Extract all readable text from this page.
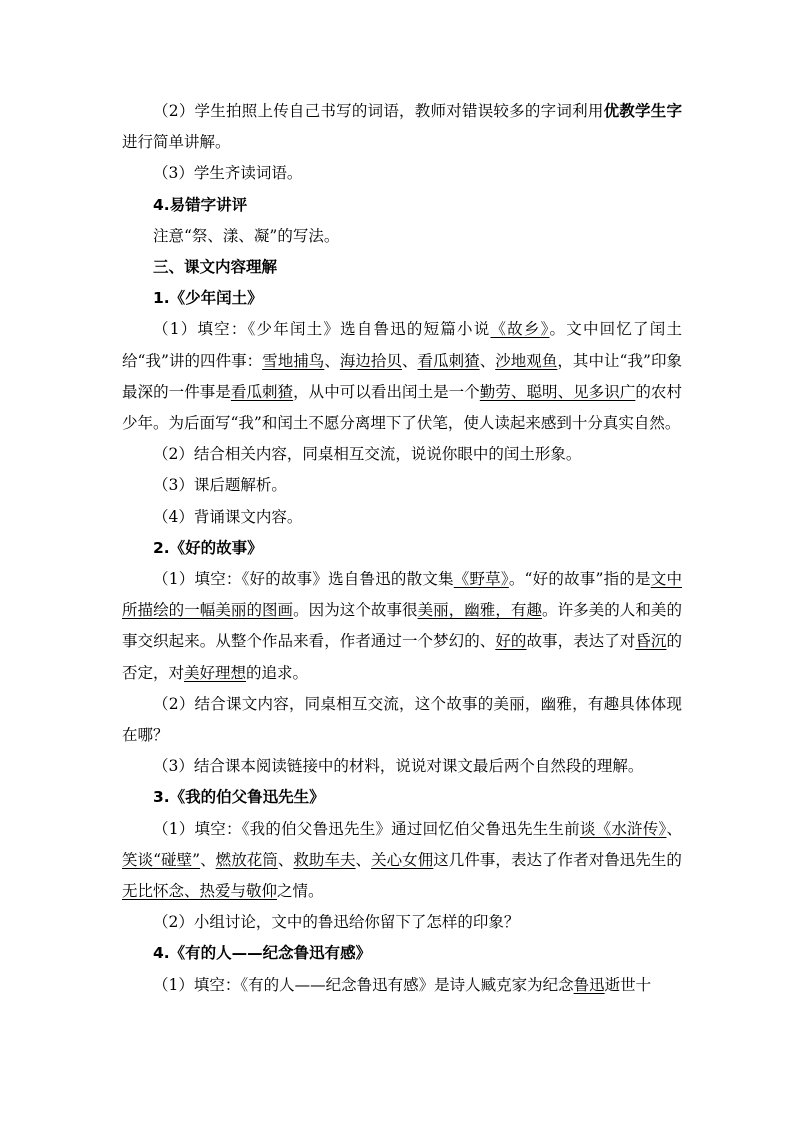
（2）学生拍照上传自己书写的词语，教师对错误较多的字词利用优教学生字进行简单讲解。

（3）学生齐读词语。

4.易错字讲评

注意“祭、漾、凝”的写法。

三、课文内容理解

1.《少年闰土》

（1）填空：《少年闰土》选自鲁迅的短篇小说《故乡》。文中回忆了闰土给“我”讲的四件事：雪地捕鸟、海边拾贝、看瓜刺猹、沙地观鱼，其中让“我”印象最深的一件事是看瓜刺猹，从中可以看出闰土是一个勤劳、聪明、见多识广的农村少年。为后面写“我”和闰土不愿分离埋下了伏笔，使人读起来感到十分真实自然。

（2）结合相关内容，同桌相互交流，说说你眼中的闰土形象。

（3）课后题解析。

（4）背诵课文内容。

2.《好的故事》

（1）填空：《好的故事》选自鲁迅的散文集《野草》。“好的故事”指的是文中所描绘的一幅美丽的图画。因为这个故事很美丽，幽雅，有趣。许多美的人和美的事交织起来。从整个作品来看，作者通过一个梦幻的、好的故事，表达了对昏沉的否定，对美好理想的追求。

（2）结合课文内容，同桌相互交流，这个故事的美丽，幽雅，有趣具体体现在哪？

（3）结合课本阅读链接中的材料，说说对课文最后两个自然段的理解。

3.《我的伯父鲁迅先生》

（1）填空：《我的伯父鲁迅先生》通过回忆伯父鲁迅先生生前谈《水浒传》、笑谈“碰壁”、燃放花筒、救助车夫、关心女佣这几件事，表达了作者对鲁迅先生的无比怀念、热爱与敬仰之情。

（2）小组讨论，文中的鲁迅给你留下了怎样的印象？

4.《有的人——纪念鲁迅有感》

（1）填空：《有的人——纪念鲁迅有感》是诗人臧克家为纪念鲁迅逝世十
